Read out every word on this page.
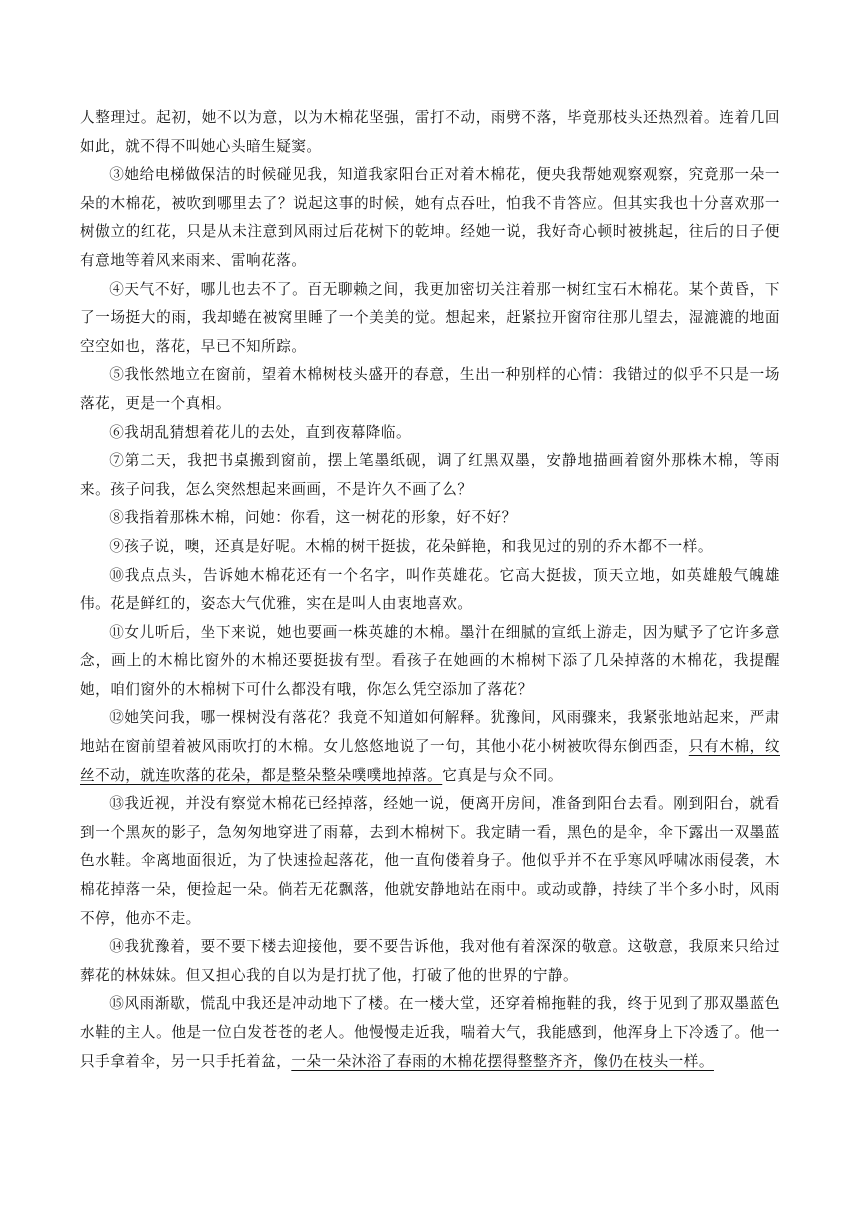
人整理过。起初，她不以为意，以为木棉花坚强，雷打不动，雨劈不落，毕竟那枝头还热烈着。连着几回如此，就不得不叫她心头暗生疑窦。

③她给电梯做保洁的时候碰见我，知道我家阳台正对着木棉花，便央我帮她观察观察，究竟那一朵一朵的木棉花，被吹到哪里去了？说起这事的时候，她有点吞吐，怕我不肯答应。但其实我也十分喜欢那一树傲立的红花，只是从未注意到风雨过后花树下的乾坤。经她一说，我好奇心顿时被挑起，往后的日子便有意地等着风来雨来、雷响花落。

④天气不好，哪儿也去不了。百无聊赖之间，我更加密切关注着那一树红宝石木棉花。某个黄昏，下了一场挺大的雨，我却蜷在被窝里睡了一个美美的觉。想起来，赶紧拉开窗帘往那儿望去，湿漉漉的地面空空如也，落花，早已不知所踪。

⑤我怅然地立在窗前，望着木棉树枝头盛开的春意，生出一种别样的心情：我错过的似乎不只是一场落花，更是一个真相。

⑥我胡乱猜想着花儿的去处，直到夜幕降临。

⑦第二天，我把书桌搬到窗前，摆上笔墨纸砚，调了红黑双墨，安静地描画着窗外那株木棉，等雨来。孩子问我，怎么突然想起来画画，不是许久不画了么？

⑧我指着那株木棉，问她：你看，这一树花的形象，好不好？

⑨孩子说，噢，还真是好呢。木棉的树干挺拔，花朵鲜艳，和我见过的别的乔木都不一样。

⑩我点点头，告诉她木棉花还有一个名字，叫作英雄花。它高大挺拔，顶天立地，如英雄般气魄雄伟。花是鲜红的，姿态大气优雅，实在是叫人由衷地喜欢。

⑪女儿听后，坐下来说，她也要画一株英雄的木棉。墨汁在细腻的宣纸上游走，因为赋予了它许多意念，画上的木棉比窗外的木棉还要挺拔有型。看孩子在她画的木棉树下添了几朵掉落的木棉花，我提醒她，咱们窗外的木棉树下可什么都没有哦，你怎么凭空添加了落花？

⑫她笑问我，哪一棵树没有落花？我竟不知道如何解释。犹豫间，风雨骤来，我紧张地站起来，严肃地站在窗前望着被风雨吹打的木棉。女儿悠悠地说了一句，其他小花小树被吹得东倒西歪，只有木棉，纹丝不动，就连吹落的花朵，都是整朵整朵噗噗地掉落。它真是与众不同。

⑬我近视，并没有察觉木棉花已经掉落，经她一说，便离开房间，准备到阳台去看。刚到阳台，就看到一个黑灰的影子，急匆匆地穿进了雨幕，去到木棉树下。我定睛一看，黑色的是伞，伞下露出一双墨蓝色水鞋。伞离地面很近，为了快速捡起落花，他一直佝偻着身子。他似乎并不在乎寒风呼啸冰雨侵袭，木棉花掉落一朵，便捡起一朵。倘若无花飘落，他就安静地站在雨中。或动或静，持续了半个多小时，风雨不停，他亦不走。

⑭我犹豫着，要不要下楼去迎接他，要不要告诉他，我对他有着深深的敬意。这敬意，我原来只给过葬花的林妹妹。但又担心我的自以为是打扰了他，打破了他的世界的宁静。

⑮风雨渐歇，慌乱中我还是冲动地下了楼。在一楼大堂，还穿着棉拖鞋的我，终于见到了那双墨蓝色水鞋的主人。他是一位白发苍苍的老人。他慢慢走近我，喘着大气，我能感到，他浑身上下冷透了。他一只手拿着伞，另一只手托着盆，一朵一朵沐浴了春雨的木棉花摆得整整齐齐，像仍在枝头一样。
